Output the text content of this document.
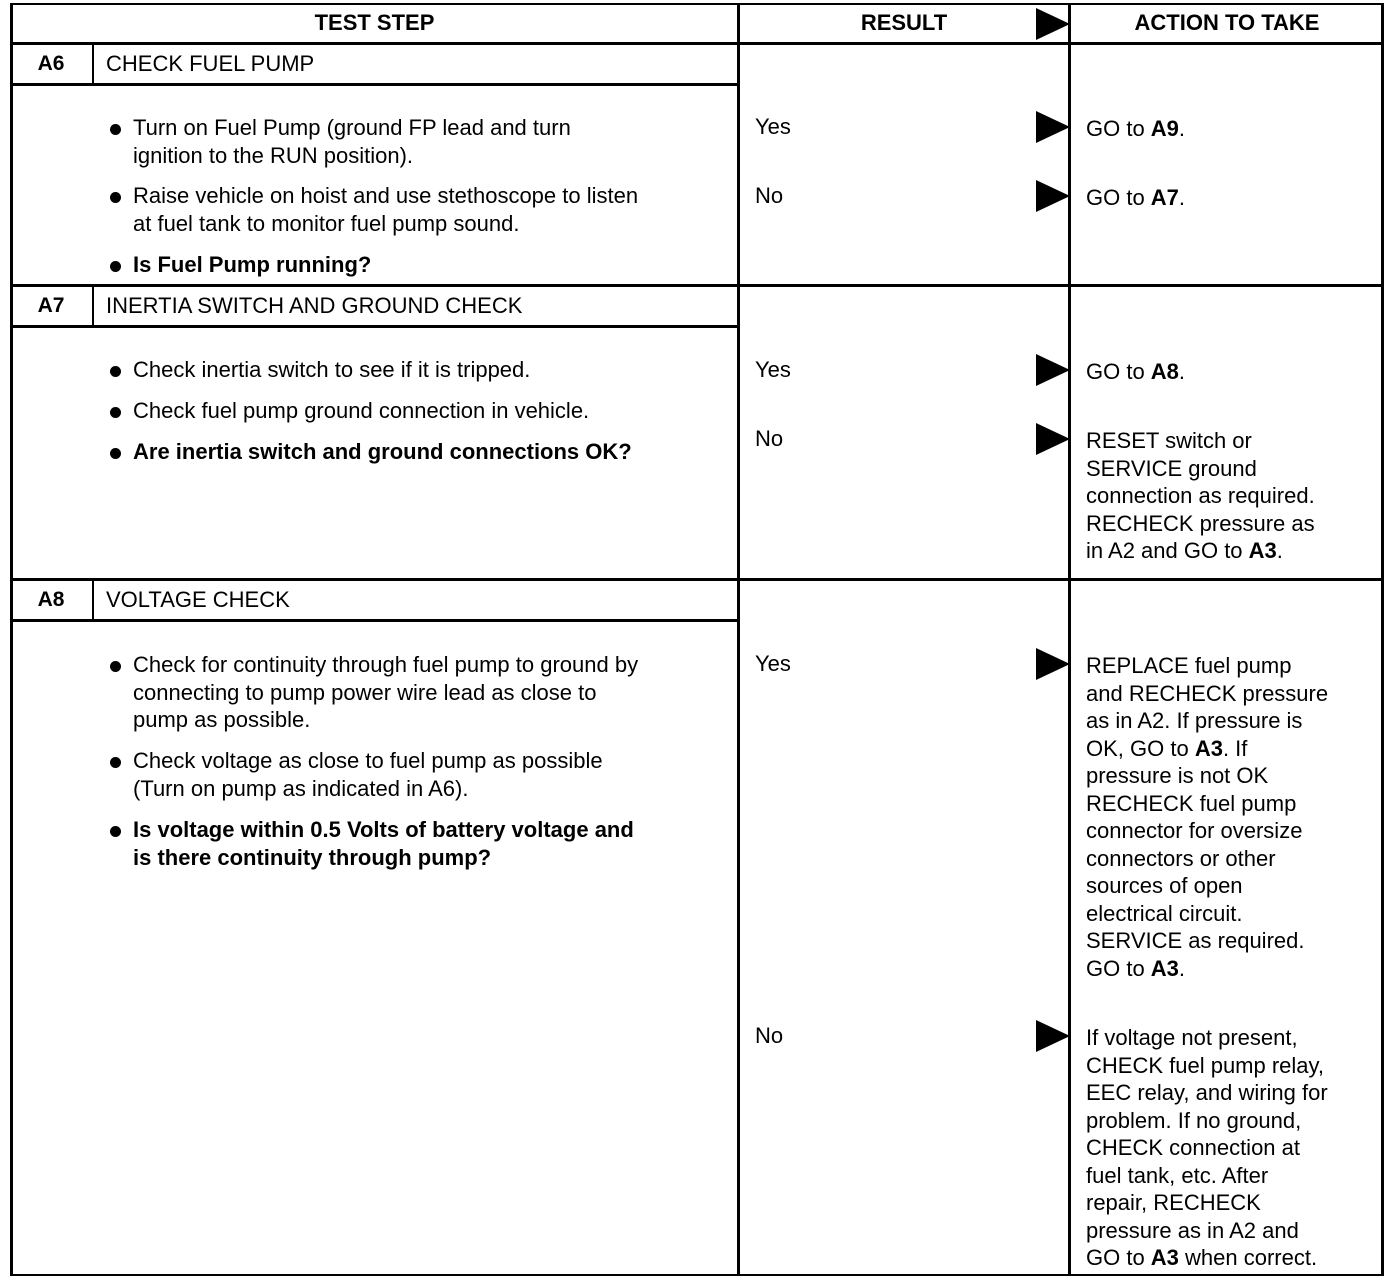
TEST STEP	RESULT	ACTION TO TAKE
A6	CHECK FUEL PUMP
Turn on Fuel Pump (ground FP lead and turn
ignition to the RUN position).
Raise vehicle on hoist and use stethoscope to listen
at fuel tank to monitor fuel pump sound.
Is Fuel Pump running?
Yes	GO to A9.
No	GO to A7.
A7	INERTIA SWITCH AND GROUND CHECK
Check inertia switch to see if it is tripped.
Check fuel pump ground connection in vehicle.
Are inertia switch and ground connections OK?
Yes	GO to A8.
No	RESET switch or
SERVICE ground
connection as required.
RECHECK pressure as
in A2 and GO to A3.
A8	VOLTAGE CHECK
Check for continuity through fuel pump to ground by
connecting to pump power wire lead as close to
pump as possible.
Check voltage as close to fuel pump as possible
(Turn on pump as indicated in A6).
Is voltage within 0.5 Volts of battery voltage and
is there continuity through pump?
Yes	REPLACE fuel pump
and RECHECK pressure
as in A2. If pressure is
OK, GO to A3. If
pressure is not OK
RECHECK fuel pump
connector for oversize
connectors or other
sources of open
electrical circuit.
SERVICE as required.
GO to A3.
No	If voltage not present,
CHECK fuel pump relay,
EEC relay, and wiring for
problem. If no ground,
CHECK connection at
fuel tank, etc. After
repair, RECHECK
pressure as in A2 and
GO to A3 when correct.
